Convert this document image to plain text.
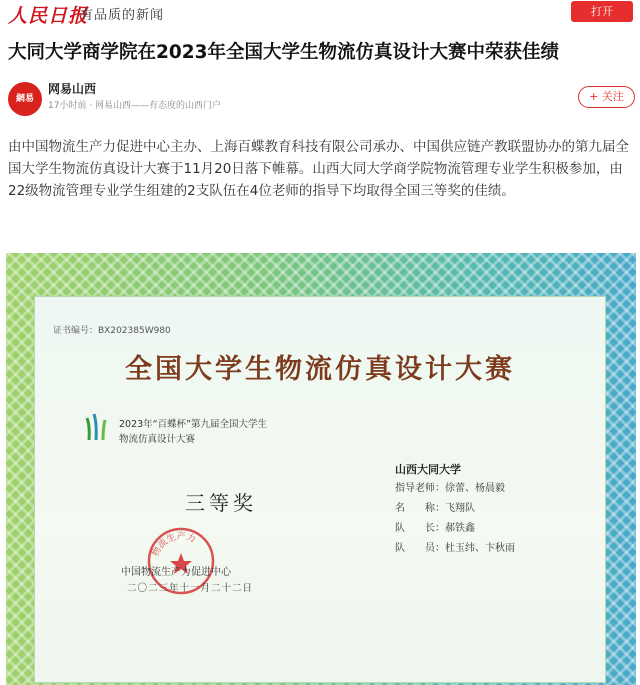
人民日报
有品质的新闻	打开
大同大学商学院在2023年全国大学生物流仿真设计大赛中荣获佳绩
網易
网易山西
17小时前 · 网易山西——有态度的山西门户
+ 关注
由中国物流生产力促进中心主办、上海百蝶教育科技有限公司承办、中国供应链产教联盟协办的第九届全国大学生物流仿真设计大赛于11月20日落下帷幕。山西大同大学商学院物流管理专业学生积极参加，由22级物流管理专业学生组建的2支队伍在4位老师的指导下均取得全国三等奖的佳绩。
证书编号：BX202385W980
全国大学生物流仿真设计大赛
2023年“百蝶杯”第九届全国大学生
物流仿真设计大赛
三等奖
山西大同大学
指导老师：徐蕾、杨晨毅
名　　称：飞翔队
队　　长：郝铁鑫
队　　员：杜玉纬、卞秋雨
物流生产力
中国物流生产力促进中心
二〇二三年十一月二十二日
